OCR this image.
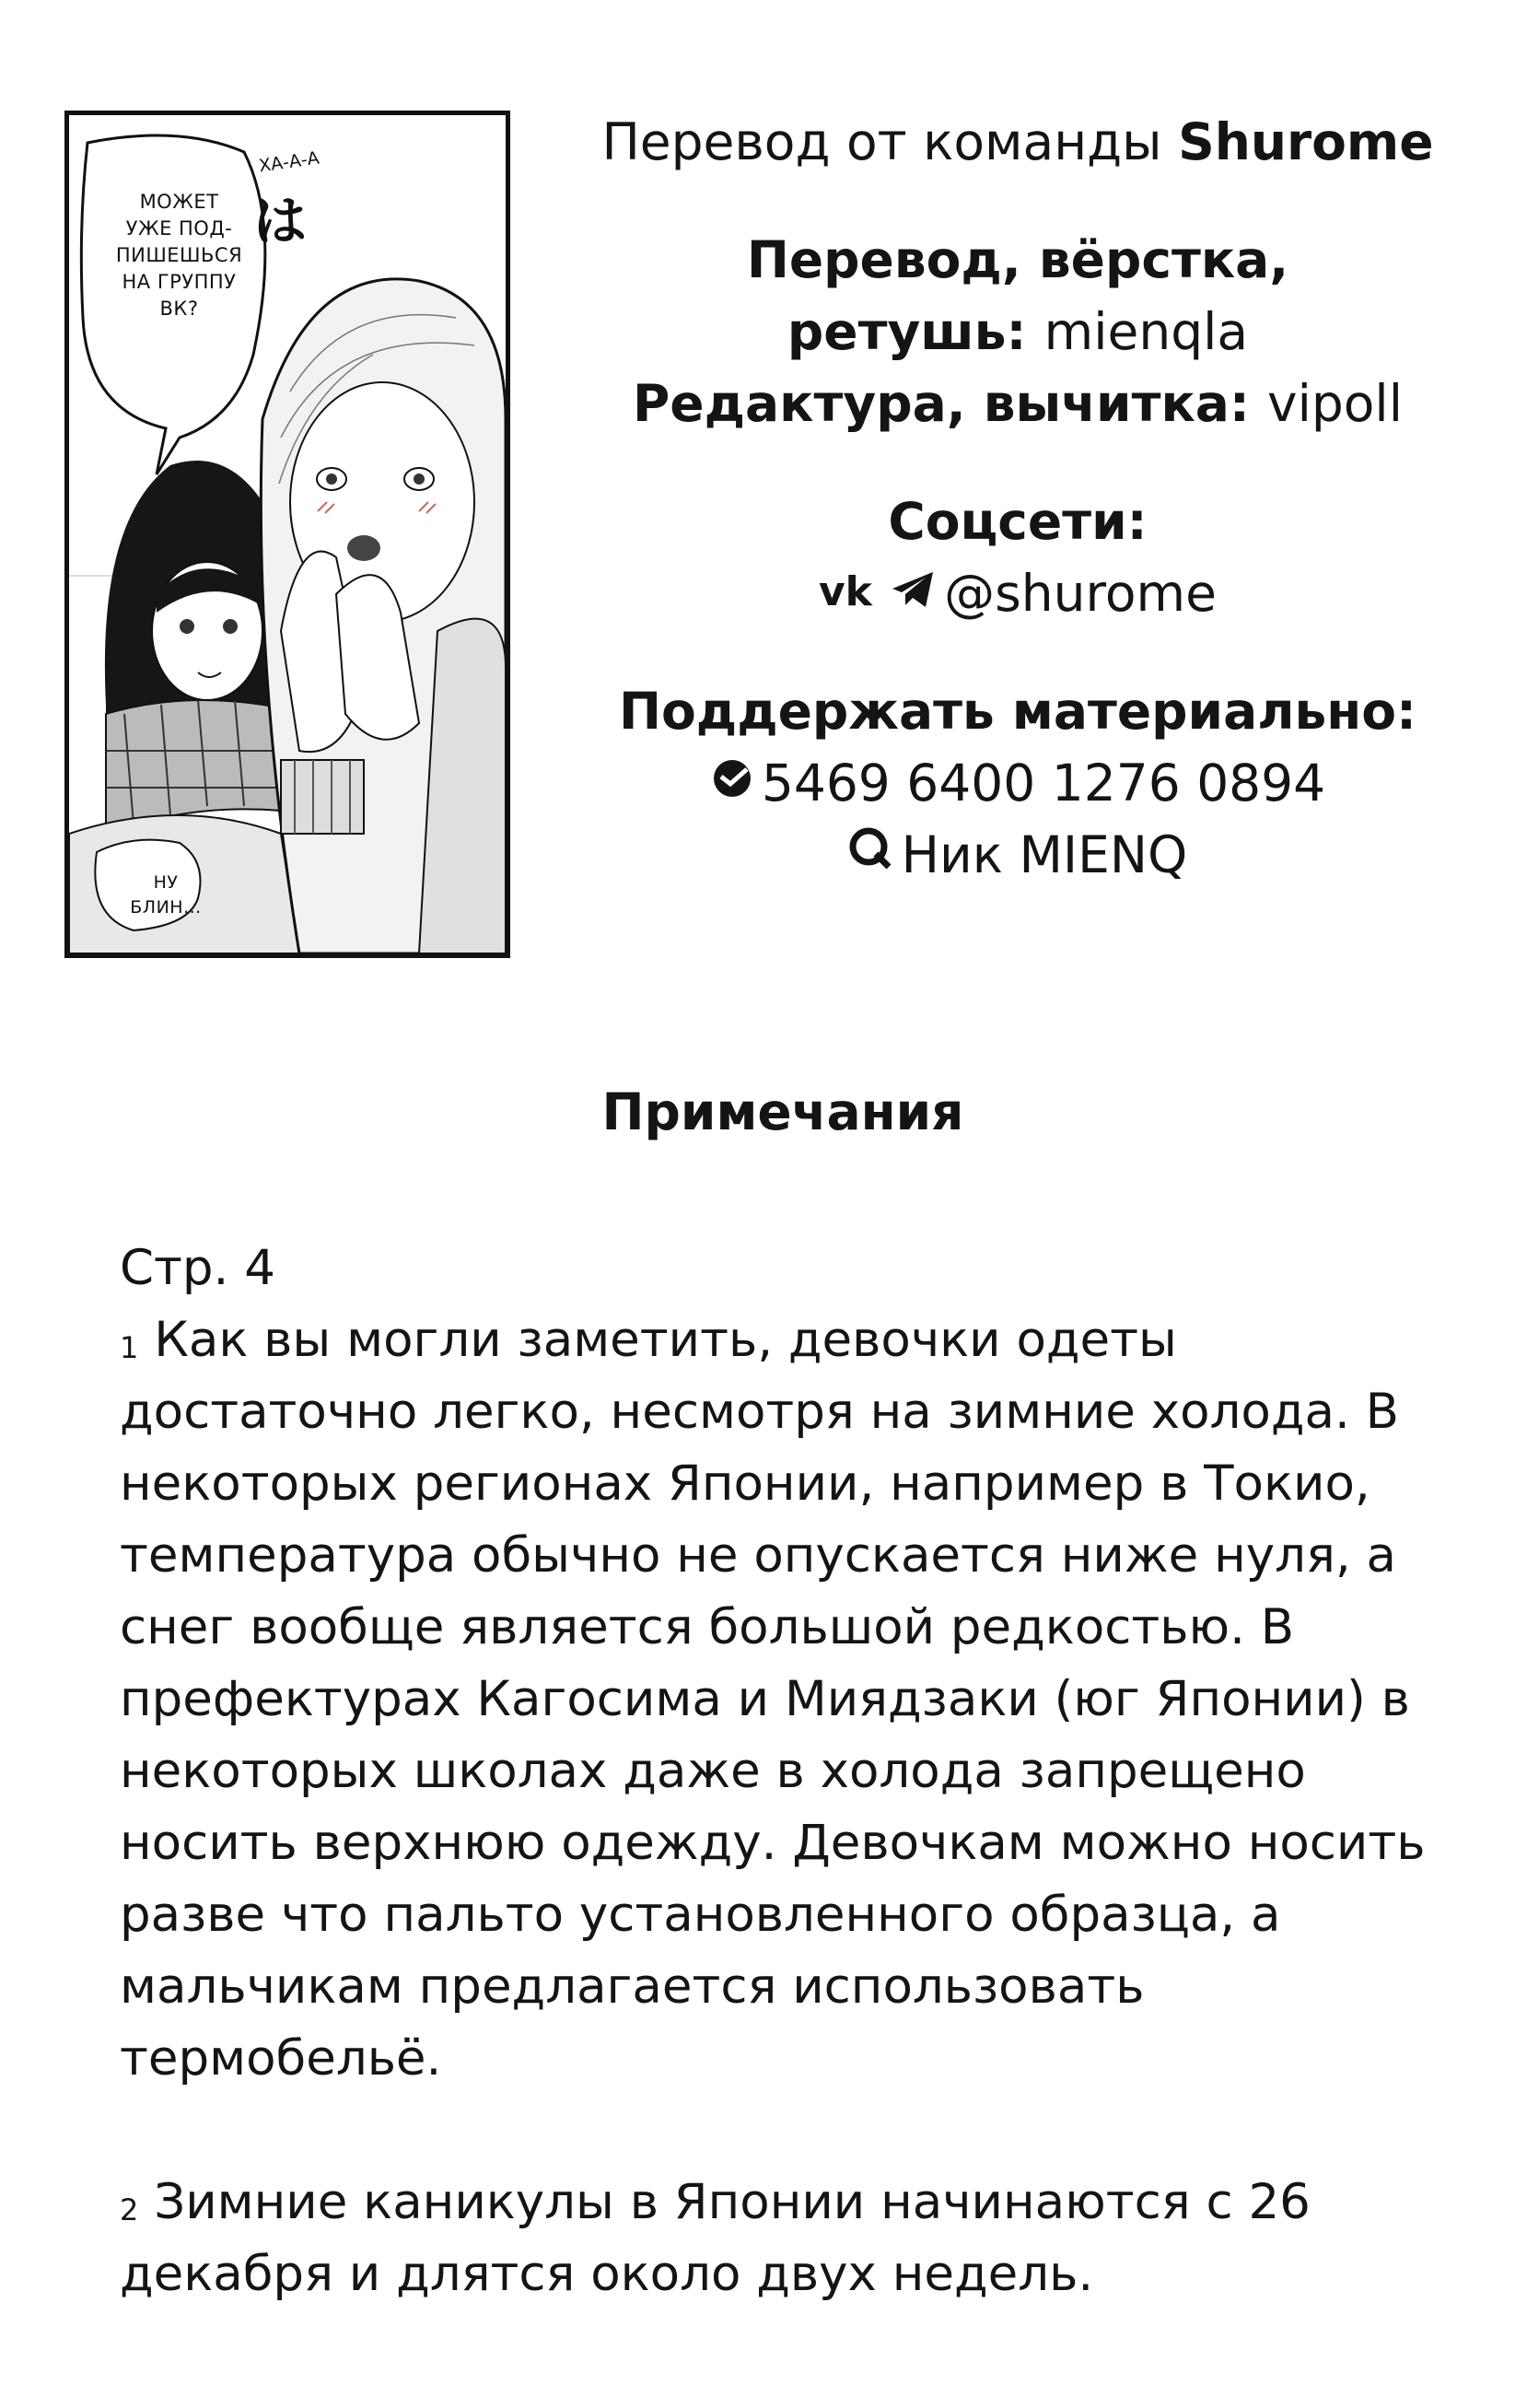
МОЖЕТ
УЖЕ ПОД-
ПИШЕШЬСЯ
НА ГРУППУ
ВК?
НУ
БЛИН...
ХА-А-А
は
Перевод от команды Shurome
Перевод, вёрстка,
ретушь: mienqla
Редактура, вычитка: vipoll
Соцсети:
vk @shurome
Поддержать материально:
5469 6400 1276 0894
Ник MIENQ
Примечания
Стр. 4

$^1$ Как вы могли заметить, девочки одеты

достаточно легко, несмотря на зимние холода. В

некоторых регионах Японии, например в Токио,

температура обычно не опускается ниже нуля, а

снег вообще является большой редкостью. В

префектурах Кагосима и Миядзаки (юг Японии) в

некоторых школах даже в холода запрещено

носить верхнюю одежду. Девочкам можно носить

разве что пальто установленного образца, а

мальчикам предлагается использовать

термобельё.

$^2$ Зимние каникулы в Японии начинаются с 26

декабря и длятся около двух недель.
